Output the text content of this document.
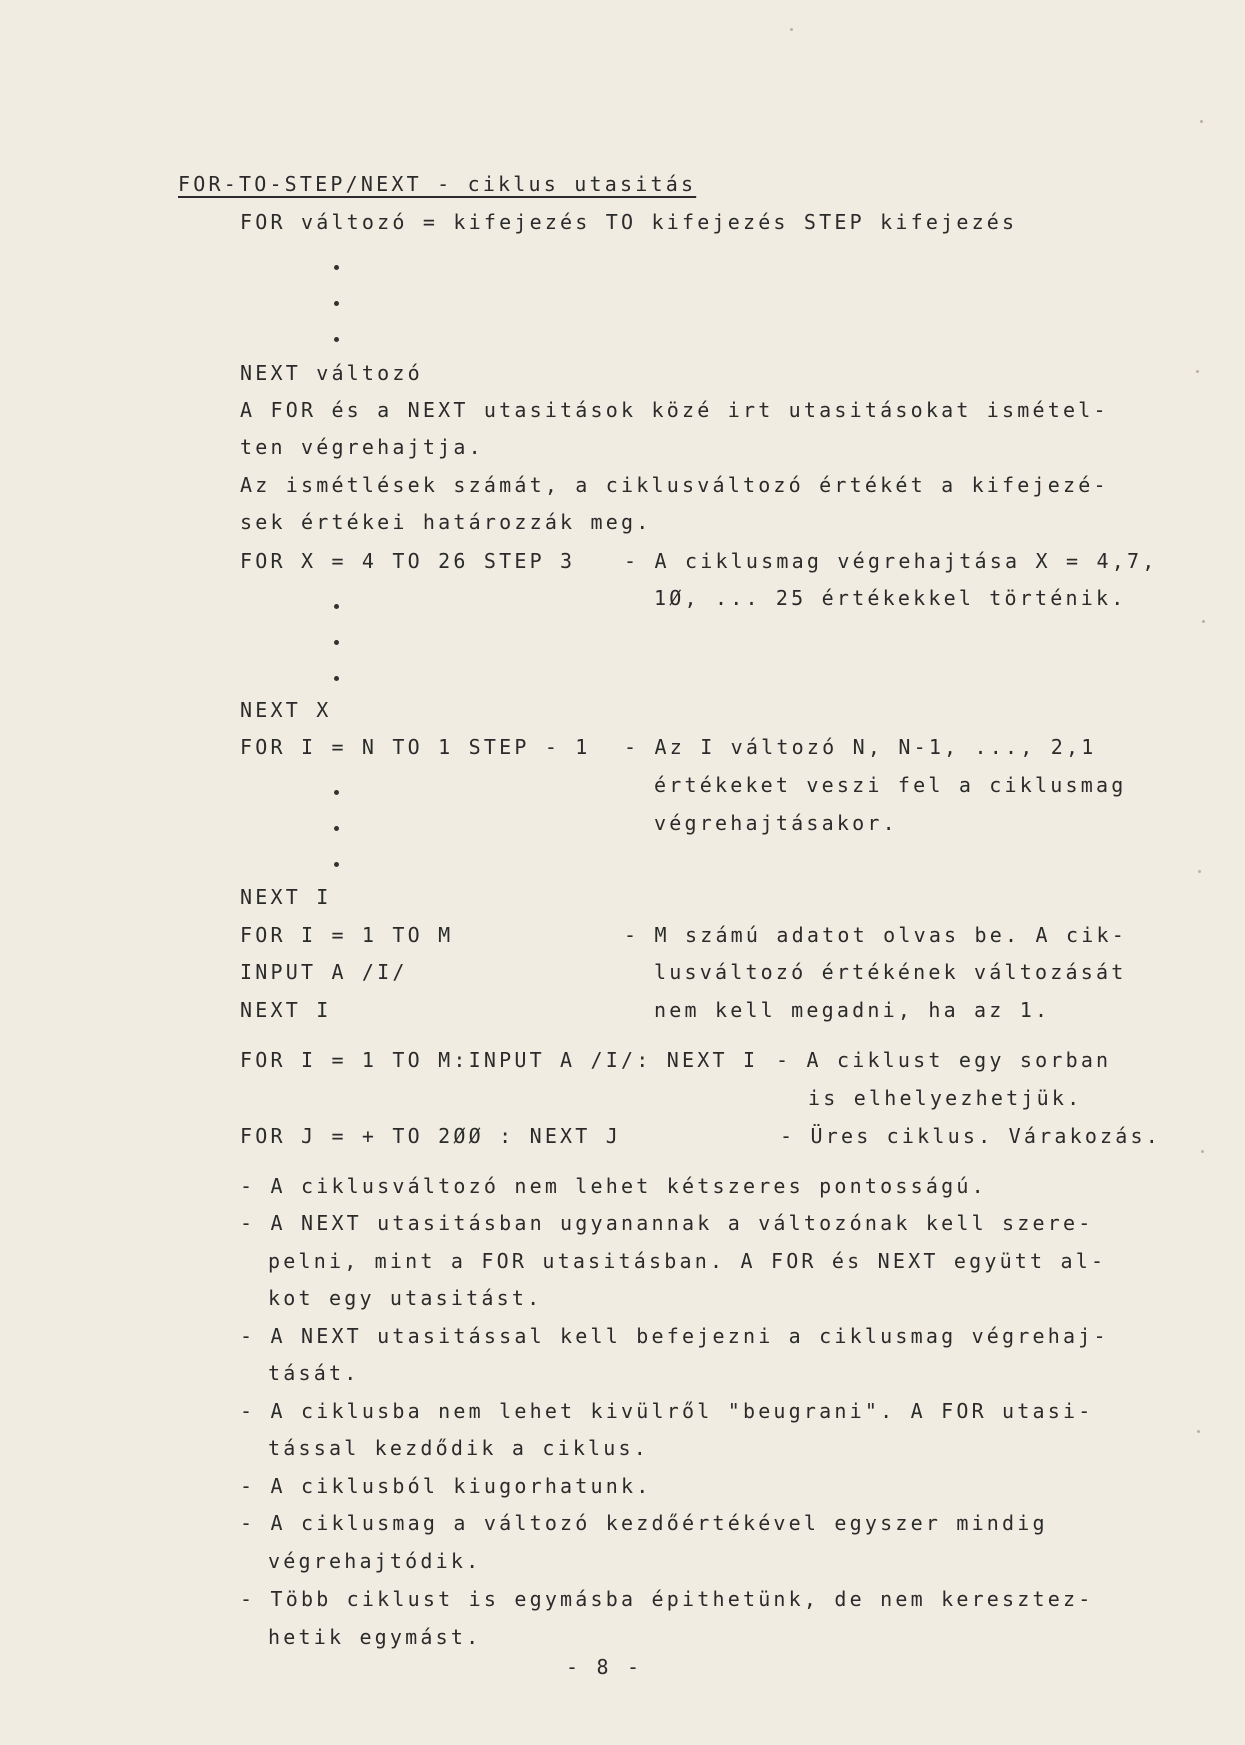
FOR-TO-STEP/NEXT - ciklus utasitás
FOR változó = kifejezés TO kifejezés STEP kifejezés
NEXT változó
A FOR és a NEXT utasitások közé irt utasitásokat ismétel-
ten végrehajtja.
Az ismétlések számát, a ciklusváltozó értékét a kifejezé-
sek értékei határozzák meg.
FOR X = 4 TO 26 STEP 3 - A ciklusmag végrehajtása X = 4,7,
1Ø, ... 25 értékekkel történik.
NEXT X
FOR I = N TO 1 STEP - 1 - Az I változó N, N-1, ..., 2,1
értékeket veszi fel a ciklusmag
végrehajtásakor.
NEXT I
FOR I = 1 TO M
INPUT A /I/
NEXT I
- M számú adatot olvas be. A cik-
lusváltozó értékének változását
nem kell megadni, ha az 1.
FOR I = 1 TO M:INPUT A /I/: NEXT I - A ciklust egy sorban
is elhelyezhetjük.
FOR J = + TO 2ØØ : NEXT J	- Üres ciklus. Várakozás.
- A ciklusváltozó nem lehet kétszeres pontosságú.
- A NEXT utasitásban ugyanannak a változónak kell szere-
pelni, mint a FOR utasitásban. A FOR és NEXT együtt al-
kot egy utasitást.
- A NEXT utasitással kell befejezni a ciklusmag végrehaj-
tását.
- A ciklusba nem lehet kivülről "beugrani". A FOR utasi-
tással kezdődik a ciklus.
- A ciklusból kiugorhatunk.
- A ciklusmag a változó kezdőértékével egyszer mindig
végrehajtódik.
- Több ciklust is egymásba épithetünk, de nem keresztez-
hetik egymást.
- 8 -
